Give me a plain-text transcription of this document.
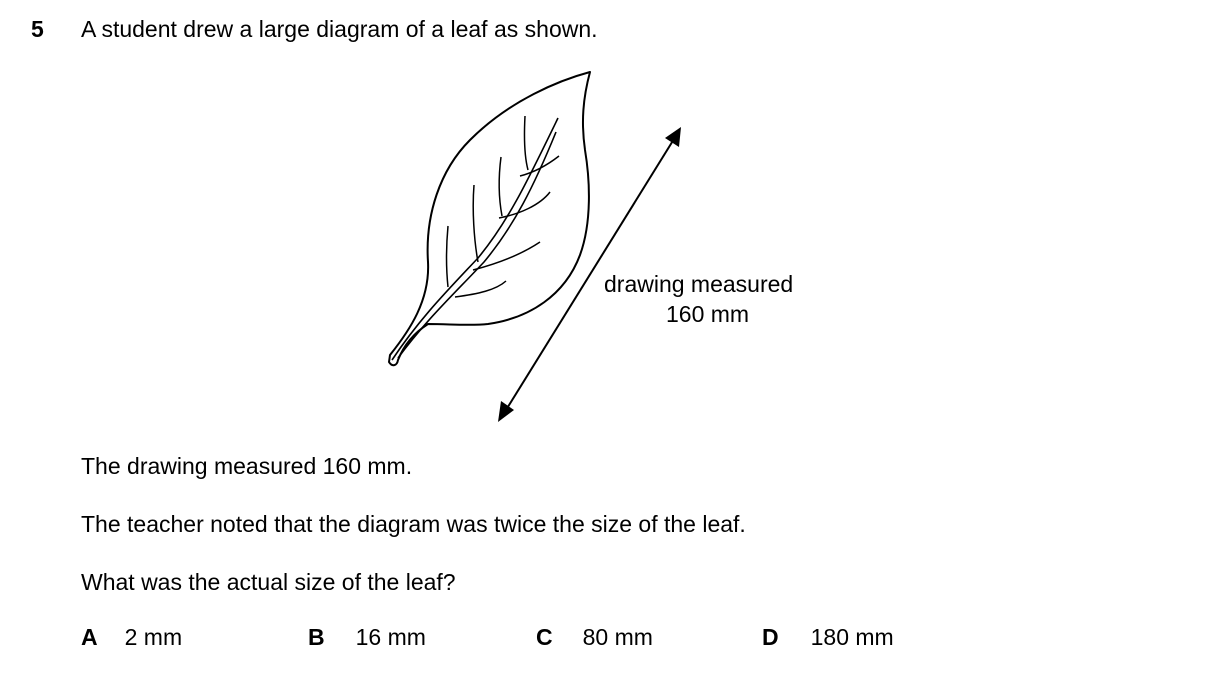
5 A student drew a large diagram of a leaf as shown.
drawing measured
160 mm
The drawing measured 160 mm.
The teacher noted that the diagram was twice the size of the leaf.
What was the actual size of the leaf?
A 2 mm	B 16 mm	C 80 mm	D 180 mm
